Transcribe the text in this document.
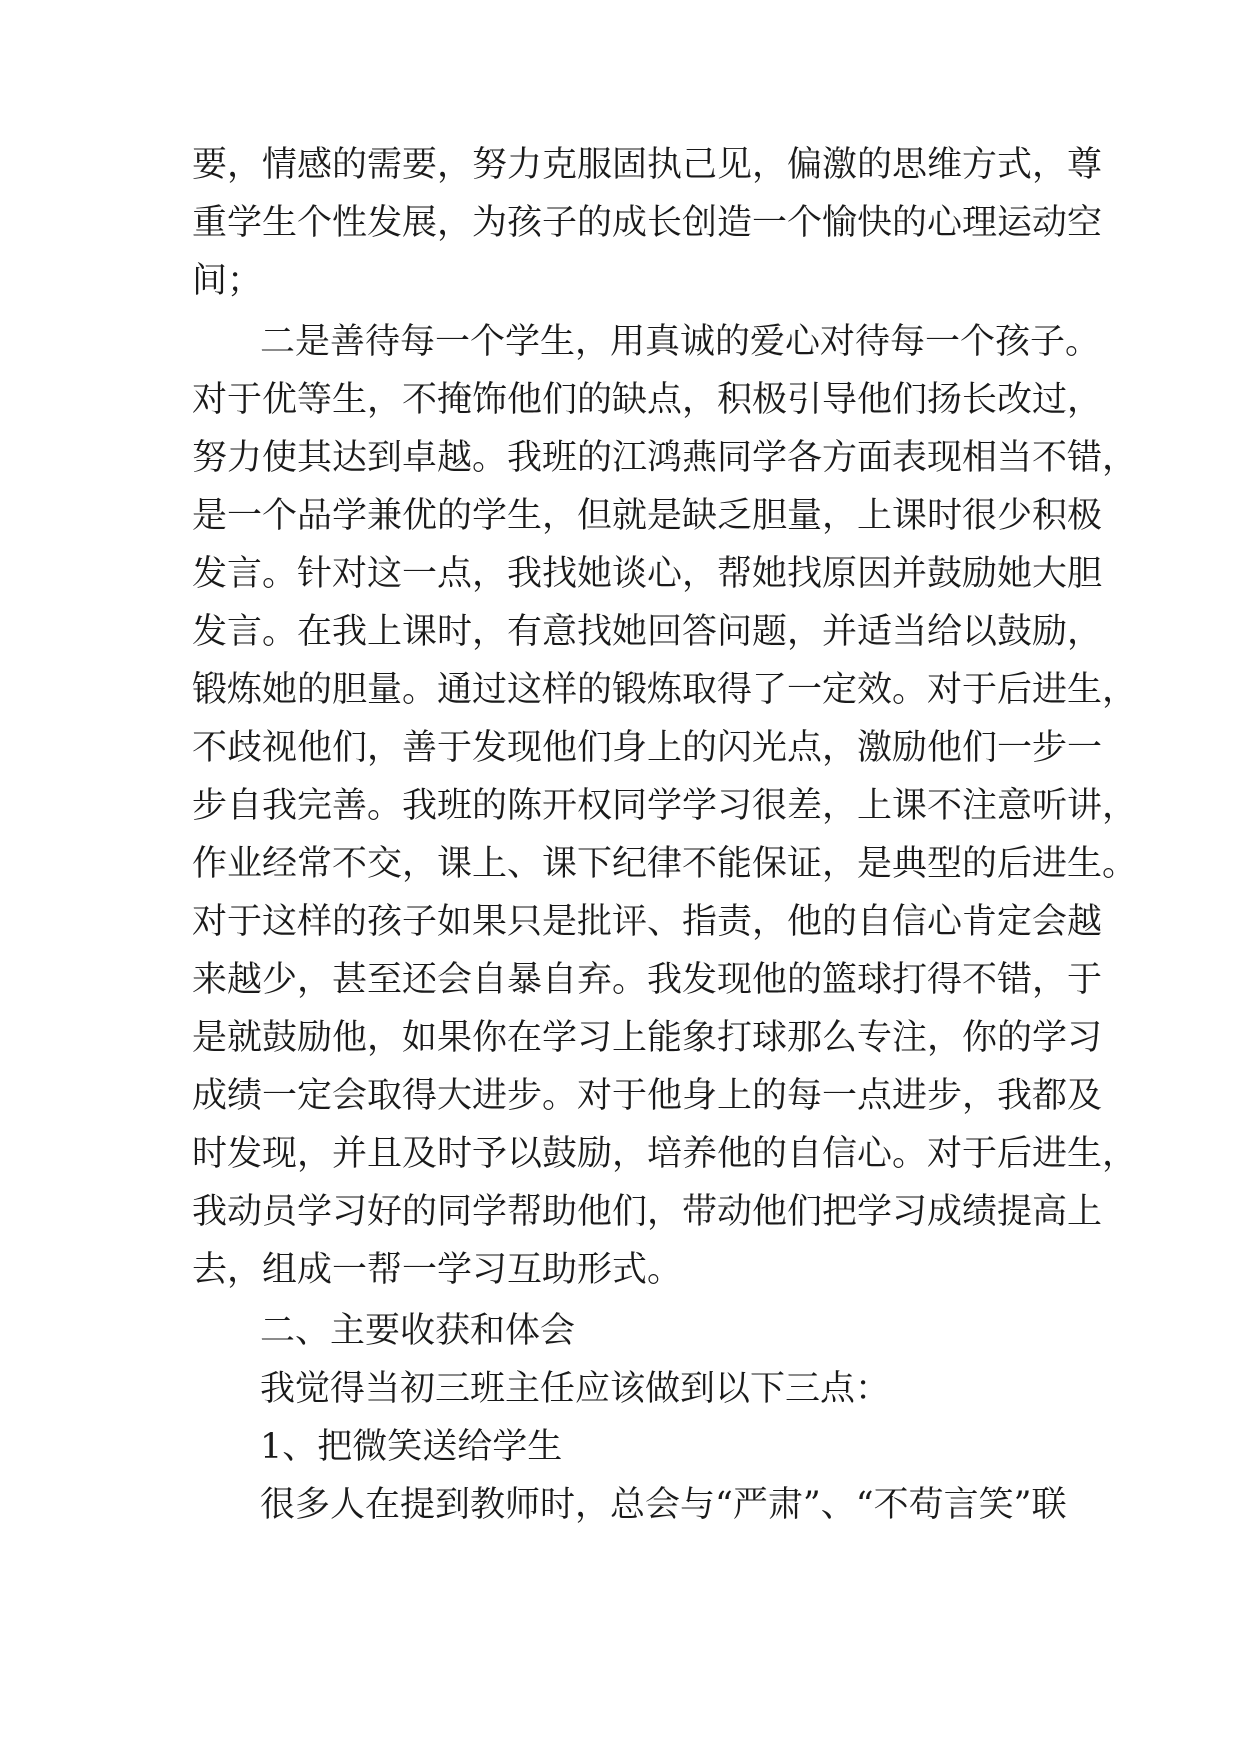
要，情感的需要，努力克服固执己见，偏激的思维方式，尊
重学生个性发展，为孩子的成长创造一个愉快的心理运动空
间；
二是善待每一个学生，用真诚的爱心对待每一个孩子。
对于优等生，不掩饰他们的缺点，积极引导他们扬长改过，
努力使其达到卓越。我班的江鸿燕同学各方面表现相当不错，
是一个品学兼优的学生，但就是缺乏胆量，上课时很少积极
发言。针对这一点，我找她谈心，帮她找原因并鼓励她大胆
发言。在我上课时，有意找她回答问题，并适当给以鼓励，
锻炼她的胆量。通过这样的锻炼取得了一定效。对于后进生，
不歧视他们，善于发现他们身上的闪光点，激励他们一步一
步自我完善。我班的陈开权同学学习很差，上课不注意听讲，
作业经常不交，课上、课下纪律不能保证，是典型的后进生。
对于这样的孩子如果只是批评、指责，他的自信心肯定会越
来越少，甚至还会自暴自弃。我发现他的篮球打得不错，于
是就鼓励他，如果你在学习上能象打球那么专注，你的学习
成绩一定会取得大进步。对于他身上的每一点进步，我都及
时发现，并且及时予以鼓励，培养他的自信心。对于后进生，
我动员学习好的同学帮助他们，带动他们把学习成绩提高上
去，组成一帮一学习互助形式。
二、主要收获和体会
我觉得当初三班主任应该做到以下三点：
1、把微笑送给学生
很多人在提到教师时，总会与“严肃”、“不苟言笑”联
